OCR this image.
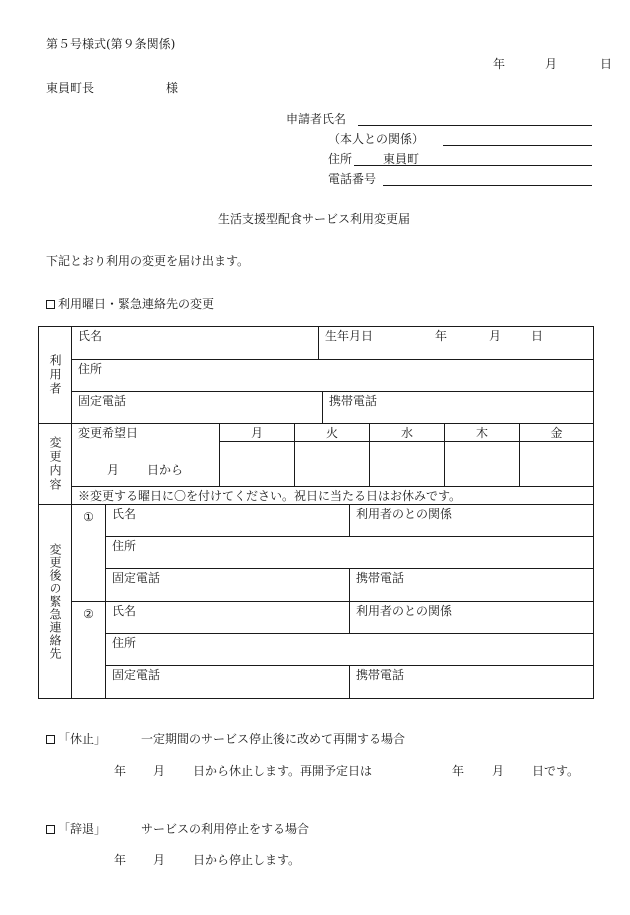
第５号様式(第９条関係)
年	月	日
東員町長	様
申請者氏名
（本人との関係）
住所	東員町
電話番号
生活支援型配食サービス利用変更届
下記とおり利用の変更を届け出ます。
利用曜日・緊急連絡先の変更
利用者
氏名	生年月日	年	月 日
住所
固定電話	携帯電話
変更内容
変更希望日
月 日から
月	火	水	木	金
※変更する曜日に〇を付けてください。祝日に当たる日はお休みです。
変更後の緊急連絡先
①	氏名	利用者のとの関係
住所
固定電話	携帯電話
②	氏名	利用者のとの関係
住所
固定電話	携帯電話
「休止」	一定期間のサービス停止後に改めて再開する場合
年 月 日から休止します。再開予定日は	年 月 日です。
「辞退」	サービスの利用停止をする場合
年 月 日から停止します。
